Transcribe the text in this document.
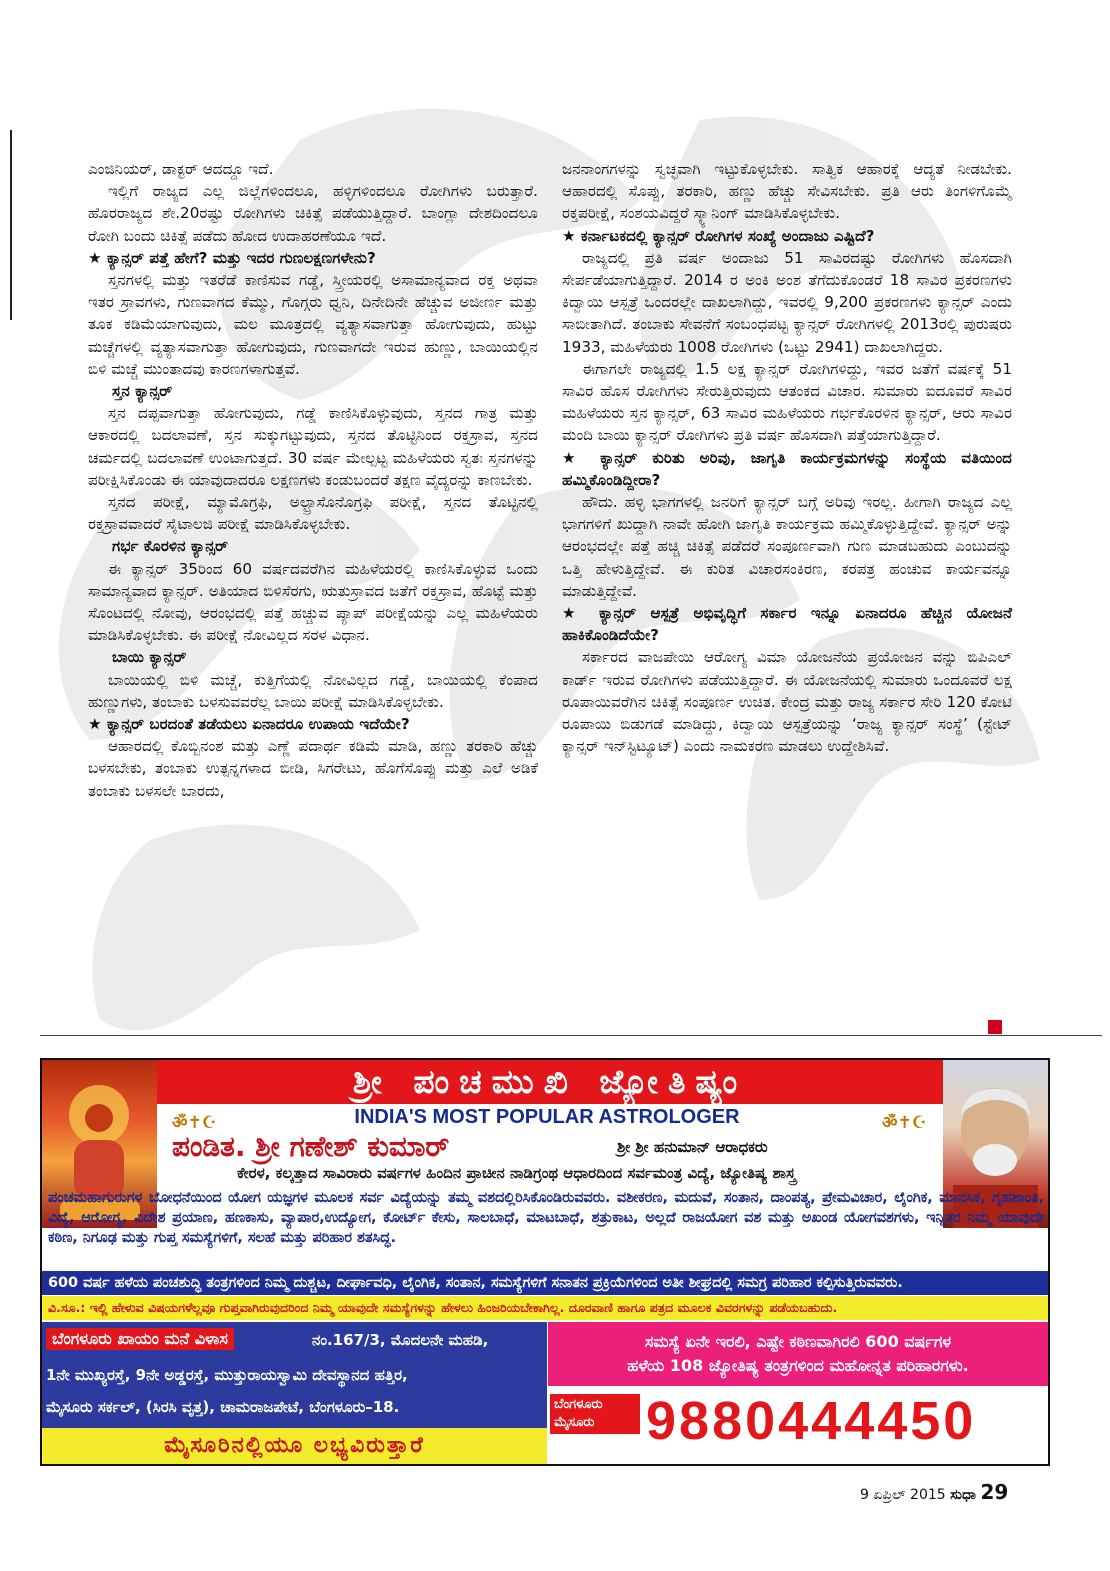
ಎಂಜಿನಿಯರ್, ಡಾಕ್ಟರ್ ಆದದ್ದೂ ಇದೆ.

ಇಲ್ಲಿಗೆ ರಾಜ್ಯದ ಎಲ್ಲ ಜಿಲ್ಲೆಗಳಿಂದಲೂ, ಹಳ್ಳಿಗಳಿಂದಲೂ ರೋಗಿಗಳು ಬರುತ್ತಾರೆ. ಹೊರರಾಜ್ಯದ ಶೇ.20ರಷ್ಟು ರೋಗಿಗಳು ಚಿಕಿತ್ಸೆ ಪಡೆಯುತ್ತಿದ್ದಾರೆ. ಬಾಂಗ್ಲಾ ದೇಶದಿಂದಲೂ ರೋಗಿ ಬಂದು ಚಿಕಿತ್ಸೆ ಪಡೆದು ಹೋದ ಉದಾಹರಣೆಯೂ ಇದೆ.

★ ಕ್ಯಾನ್ಸರ್ ಪತ್ತೆ ಹೇಗೆ? ಮತ್ತು ಇದರ ಗುಣಲಕ್ಷಣಗಳೇನು?

ಸ್ತನಗಳಲ್ಲಿ ಮತ್ತು ಇತರೆಡೆ ಕಾಣಿಸುವ ಗಡ್ಡೆ, ಸ್ತ್ರೀಯರಲ್ಲಿ ಅಸಾಮಾನ್ಯವಾದ ರಕ್ತ ಅಥವಾ ಇತರ ಸ್ರಾವಗಳು, ಗುಣವಾಗದ ಕೆಮ್ಮು, ಗೊಗ್ಗರು ಧ್ವನಿ, ದಿನೇದಿನೇ ಹೆಚ್ಚುವ ಅಜೀರ್ಣ ಮತ್ತು ತೂಕ ಕಡಿಮೆಯಾಗುವುದು, ಮಲ ಮೂತ್ರದಲ್ಲಿ ವ್ಯತ್ಯಾಸವಾಗುತ್ತಾ ಹೋಗುವುದು, ಹುಟ್ಟು ಮಚ್ಚೆಗಳಲ್ಲಿ ವ್ಯತ್ಯಾಸವಾಗುತ್ತಾ ಹೋಗುವುದು, ಗುಣವಾಗದೇ ಇರುವ ಹುಣ್ಣು, ಬಾಯಿಯಲ್ಲಿನ ಬಿಳಿ ಮಚ್ಚೆ ಮುಂತಾದವು ಕಾರಣಗಳಾಗುತ್ತವೆ.

ಸ್ತನ ಕ್ಯಾನ್ಸರ್

ಸ್ತನ ದಪ್ಪವಾಗುತ್ತಾ ಹೋಗುವುದು, ಗಡ್ಡೆ ಕಾಣಿಸಿಕೊಳ್ಳುವುದು, ಸ್ತನದ ಗಾತ್ರ ಮತ್ತು ಆಕಾರದಲ್ಲಿ ಬದಲಾವಣೆ, ಸ್ತನ ಸುಕ್ಕುಗಟ್ಟುವುದು, ಸ್ತನದ ತೊಟ್ಟಿನಿಂದ ರಕ್ತಸ್ರಾವ, ಸ್ತನದ ಚರ್ಮದಲ್ಲಿ ಬದಲಾವಣೆ ಉಂಟಾಗುತ್ತದೆ. 30 ವರ್ಷ ಮೇಲ್ಪಟ್ಟ ಮಹಿಳೆಯರು ಸ್ವತಃ ಸ್ತನಗಳನ್ನು ಪರೀಕ್ಷಿಸಿಕೊಂಡು ಈ ಯಾವುದಾದರೂ ಲಕ್ಷಣಗಳು ಕಂಡುಬಂದರೆ ತಕ್ಷಣ ವೈದ್ಯರನ್ನು ಕಾಣಬೇಕು.

ಸ್ತನದ ಪರೀಕ್ಷೆ, ಮ್ಯಾಮೊಗ್ರಫಿ, ಅಲ್ಟ್ರಾಸೊನೊಗ್ರಫಿ ಪರೀಕ್ಷೆ, ಸ್ತನದ ತೊಟ್ಟಿನಲ್ಲಿ ರಕ್ತಸ್ರಾವವಾದರೆ ಸೈಟಾಲಜಿ ಪರೀಕ್ಷೆ ಮಾಡಿಸಿಕೊಳ್ಳಬೇಕು.

ಗರ್ಭ ಕೊರಳಿನ ಕ್ಯಾನ್ಸರ್

ಈ ಕ್ಯಾನ್ಸರ್ 35ರಿಂದ 60 ವರ್ಷದವರೆಗಿನ ಮಹಿಳೆಯರಲ್ಲಿ ಕಾಣಿಸಿಕೊಳ್ಳುವ ಒಂದು ಸಾಮಾನ್ಯವಾದ ಕ್ಯಾನ್ಸರ್. ಅತಿಯಾದ ಬಿಳಿಸೆರಗು, ಋತುಸ್ರಾವದ ಜತೆಗೆ ರಕ್ತಸ್ರಾವ, ಹೊಟ್ಟೆ ಮತ್ತು ಸೊಂಟದಲ್ಲಿ ನೋವು, ಆರಂಭದಲ್ಲಿ ಪತ್ತೆ ಹಚ್ಚುವ ಪ್ಯಾಪ್ ಪರೀಕ್ಷೆಯನ್ನು ಎಲ್ಲ ಮಹಿಳೆಯರು ಮಾಡಿಸಿಕೊಳ್ಳಬೇಕು. ಈ ಪರೀಕ್ಷೆ ನೋವಿಲ್ಲದ ಸರಳ ವಿಧಾನ.

ಬಾಯಿ ಕ್ಯಾನ್ಸರ್

ಬಾಯಿಯಲ್ಲಿ ಬಿಳಿ ಮಚ್ಚೆ, ಕುತ್ತಿಗೆಯಲ್ಲಿ ನೋವಿಲ್ಲದ ಗಡ್ಡೆ, ಬಾಯಿಯಲ್ಲಿ ಕೆಂಪಾದ ಹುಣ್ಣುಗಳು, ತಂಬಾಕು ಬಳಸುವವರೆಲ್ಲ ಬಾಯಿ ಪರೀಕ್ಷೆ ಮಾಡಿಸಿಕೊಳ್ಳಬೇಕು.

★ ಕ್ಯಾನ್ಸರ್ ಬರದಂತೆ ತಡೆಯಲು ಏನಾದರೂ ಉಪಾಯ ಇದೆಯೇ?

ಆಹಾರದಲ್ಲಿ ಕೊಬ್ಬಿನಂಶ ಮತ್ತು ಎಣ್ಣೆ ಪದಾರ್ಥ ಕಡಿಮೆ ಮಾಡಿ, ಹಣ್ಣು ತರಕಾರಿ ಹೆಚ್ಚು ಬಳಸಬೇಕು, ತಂಬಾಕು ಉತ್ಪನ್ನಗಳಾದ ಬೀಡಿ, ಸಿಗರೇಟು, ಹೊಗೆಸೊಪ್ಪು ಮತ್ತು ಎಲೆ ಅಡಿಕೆ ತಂಬಾಕು ಬಳಸಲೇ ಬಾರದು,

ಜನನಾಂಗಗಳನ್ನು ಸ್ವಚ್ಛವಾಗಿ ಇಟ್ಟುಕೊಳ್ಳಬೇಕು. ಸಾತ್ವಿಕ ಆಹಾರಕ್ಕೆ ಆದ್ಯತೆ ನೀಡಬೇಕು. ಆಹಾರದಲ್ಲಿ ಸೊಪ್ಪು, ತರಕಾರಿ, ಹಣ್ಣು ಹೆಚ್ಚು ಸೇವಿಸಬೇಕು. ಪ್ರತಿ ಆರು ತಿಂಗಳಿಗೊಮ್ಮೆ ರಕ್ತಪರೀಕ್ಷೆ, ಸಂಶಯವಿದ್ದರೆ ಸ್ಕ್ಯಾನಿಂಗ್ ಮಾಡಿಸಿಕೊಳ್ಳಬೇಕು.

★ ಕರ್ನಾಟಕದಲ್ಲಿ ಕ್ಯಾನ್ಸರ್ ರೋಗಿಗಳ ಸಂಖ್ಯೆ ಅಂದಾಜು ಎಷ್ಟಿದೆ?

ರಾಜ್ಯದಲ್ಲಿ ಪ್ರತಿ ವರ್ಷ ಅಂದಾಜು 51 ಸಾವಿರದಷ್ಟು ರೋಗಿಗಳು ಹೊಸದಾಗಿ ಸೇರ್ಪಡೆಯಾಗುತ್ತಿದ್ದಾರೆ. 2014 ರ ಅಂಕಿ ಅಂಶ ತೆಗೆದುಕೊಂಡರೆ 18 ಸಾವಿರ ಪ್ರಕರಣಗಳು ಕಿದ್ವಾಯಿ ಆಸ್ಪತ್ರೆ ಒಂದರಲ್ಲೇ ದಾಖಲಾಗಿದ್ದು, ಇವರಲ್ಲಿ 9,200 ಪ್ರಕರಣಗಳು ಕ್ಯಾನ್ಸರ್ ಎಂದು ಸಾಬೀತಾಗಿದೆ. ತಂಬಾಕು ಸೇವನೆಗೆ ಸಂಬಂಧಪಟ್ಟ ಕ್ಯಾನ್ಸರ್ ರೋಗಿಗಳಲ್ಲಿ 2013ರಲ್ಲಿ ಪುರುಷರು 1933, ಮಹಿಳೆಯರು 1008 ರೋಗಿಗಳು (ಒಟ್ಟು 2941) ದಾಖಲಾಗಿದ್ದರು.

ಈಗಾಗಲೇ ರಾಜ್ಯದಲ್ಲಿ 1.5 ಲಕ್ಷ ಕ್ಯಾನ್ಸರ್ ರೋಗಿಗಳಿದ್ದು, ಇವರ ಜತೆಗೆ ವರ್ಷಕ್ಕೆ 51 ಸಾವಿರ ಹೊಸ ರೋಗಿಗಳು ಸೇರುತ್ತಿರುವುದು ಆತಂಕದ ವಿಚಾರ. ಸುಮಾರು ಐದೂವರೆ ಸಾವಿರ ಮಹಿಳೆಯರು ಸ್ತನ ಕ್ಯಾನ್ಸರ್, 63 ಸಾವಿರ ಮಹಿಳೆಯರು ಗರ್ಭಕೊರಳಿನ ಕ್ಯಾನ್ಸರ್, ಆರು ಸಾವಿರ ಮಂದಿ ಬಾಯಿ ಕ್ಯಾನ್ಸರ್ ರೋಗಿಗಳು ಪ್ರತಿ ವರ್ಷ ಹೊಸದಾಗಿ ಪತ್ತೆಯಾಗುತ್ತಿದ್ದಾರೆ.

★ ಕ್ಯಾನ್ಸರ್ ಕುರಿತು ಅರಿವು, ಜಾಗೃತಿ ಕಾರ್ಯಕ್ರಮಗಳನ್ನು ಸಂಸ್ಥೆಯ ವತಿಯಿಂದ ಹಮ್ಮಿಕೊಂಡಿದ್ದೀರಾ?

ಹೌದು. ಹಳ್ಳಿ ಭಾಗಗಳಲ್ಲಿ ಜನರಿಗೆ ಕ್ಯಾನ್ಸರ್ ಬಗ್ಗೆ ಅರಿವು ಇರಲ್ಲ. ಹೀಗಾಗಿ ರಾಜ್ಯದ ಎಲ್ಲ ಭಾಗಗಳಿಗೆ ಖುದ್ದಾಗಿ ನಾವೇ ಹೋಗಿ ಜಾಗೃತಿ ಕಾರ್ಯಕ್ರಮ ಹಮ್ಮಿಕೊಳ್ಳುತ್ತಿದ್ದೇವೆ. ಕ್ಯಾನ್ಸರ್ ಅನ್ನು ಆರಂಭದಲ್ಲೇ ಪತ್ತೆ ಹಚ್ಚಿ ಚಿಕಿತ್ಸೆ ಪಡೆದರೆ ಸಂಪೂರ್ಣವಾಗಿ ಗುಣ ಮಾಡಬಹುದು ಎಂಬುದನ್ನು ಒತ್ತಿ ಹೇಳುತ್ತಿದ್ದೇವೆ. ಈ ಕುರಿತ ವಿಚಾರಸಂಕಿರಣ, ಕರಪತ್ರ ಹಂಚುವ ಕಾರ್ಯವನ್ನೂ ಮಾಡುತ್ತಿದ್ದೇವೆ.

★ ಕ್ಯಾನ್ಸರ್ ಆಸ್ಪತ್ರೆ ಅಭಿವೃದ್ಧಿಗೆ ಸರ್ಕಾರ ಇನ್ನೂ ಏನಾದರೂ ಹೆಚ್ಚಿನ ಯೋಜನೆ ಹಾಕಿಕೊಂಡಿದೆಯೇ?

ಸರ್ಕಾರದ ವಾಜಪೇಯಿ ಆರೋಗ್ಯ ವಿಮಾ ಯೋಜನೆಯ ಪ್ರಯೋಜನ ವನ್ನು ಬಿಪಿಎಲ್ ಕಾರ್ಡ್ ಇರುವ ರೋಗಿಗಳು ಪಡೆಯುತ್ತಿದ್ದಾರೆ. ಈ ಯೋಜನೆಯಲ್ಲಿ ಸುಮಾರು ಒಂದೂವರೆ ಲಕ್ಷ ರೂಪಾಯಿವರೆಗಿನ ಚಿಕಿತ್ಸೆ ಸಂಪೂರ್ಣ ಉಚಿತ. ಕೇಂದ್ರ ಮತ್ತು ರಾಜ್ಯ ಸರ್ಕಾರ ಸೇರಿ 120 ಕೋಟಿ ರೂಪಾಯಿ ಬಿಡುಗಡೆ ಮಾಡಿದ್ದು, ಕಿದ್ವಾಯಿ ಆಸ್ಪತ್ರೆಯನ್ನು ‘ರಾಜ್ಯ ಕ್ಯಾನ್ಸರ್ ಸಂಸ್ಥೆ’ (ಸ್ಟೇಟ್ ಕ್ಯಾನ್ಸರ್ ಇನ್‌ಸ್ಟಿಟ್ಯೂಟ್) ಎಂದು ನಾಮಕರಣ ಮಾಡಲು ಉದ್ದೇಶಿಸಿವೆ.

ಶ್ರೀ ಪಂಚಮುಖಿ ಜ್ಯೋತಿಷ್ಯಂ
ॐ✝☪	ॐ✝☪
INDIA'S MOST POPULAR ASTROLOGER
ಪಂಡಿತ. ಶ್ರೀ ಗಣೇಶ್ ಕುಮಾರ್	ಶ್ರೀ ಶ್ರೀ ಹನುಮಾನ್ ಆರಾಧಕರು
ಕೇರಳ, ಕಲ್ಕತ್ತಾದ ಸಾವಿರಾರು ವರ್ಷಗಳ ಹಿಂದಿನ ಪ್ರಾಚೀನ ನಾಡಿಗ್ರಂಥ ಆಧಾರದಿಂದ ಸರ್ವಮಂತ್ರ ವಿದ್ಯೆ, ಜ್ಯೋತಿಷ್ಯ ಶಾಸ್ತ್ರ
ಪಂಚಮಹಾಗುರುಗಳ ಬೋಧನೆಯಿಂದ ಯೋಗ ಯಜ್ಞಗಳ ಮೂಲಕ ಸರ್ವ ವಿದ್ಯೆಯನ್ನು ತಮ್ಮ ವಶದಲ್ಲಿರಿಸಿಕೊಂಡಿರುವವರು. ವಶೀಕರಣ, ಮದುವೆ, ಸಂತಾನ, ದಾಂಪತ್ಯ, ಪ್ರೇಮವಿಚಾರ, ಲೈಂಗಿಕ, ಮಾನಸಿಕ, ಗೃಹಶಾಂತಿ, ವಿದ್ಯೆ, ಆರೋಗ್ಯ, ವಿದೇಶ ಪ್ರಯಾಣ, ಹಣಕಾಸು, ವ್ಯಾಪಾರ,ಉದ್ಯೋಗ, ಕೋರ್ಟ್ ಕೇಸು, ಸಾಲಬಾಧೆ, ಮಾಟಬಾಧೆ, ಶತ್ರುಕಾಟ, ಅಲ್ಲದೆ ರಾಜಯೋಗ ವಶ ಮತ್ತು ಅಖಂಡ ಯೋಗವಶಗಳು, ಇನ್ನಿತರ ನಿಮ್ಮ ಯಾವುದೇ ಕಠಿಣ, ನಿಗೂಢ ಮತ್ತು ಗುಪ್ತ ಸಮಸ್ಯೆಗಳಿಗೆ, ಸಲಹೆ ಮತ್ತು ಪರಿಹಾರ ಶತಸಿದ್ಧ.
600 ವರ್ಷ ಹಳೆಯ ಪಂಚಶುದ್ಧಿ ತಂತ್ರಗಳಿಂದ ನಿಮ್ಮ ದುಶ್ಚಟ, ದೀರ್ಘಾವಧಿ, ಲೈಂಗಿಕ, ಸಂತಾನ, ಸಮಸ್ಯೆಗಳಿಗೆ ಸನಾತನ ಪ್ರಕ್ರಿಯೆಗಳಿಂದ ಅತೀ ಶೀಘ್ರದಲ್ಲಿ ಸಮಗ್ರ ಪರಿಹಾರ ಕಲ್ಪಿಸುತ್ತಿರುವವರು.
ವಿ.ಸೂ.: ಇಲ್ಲಿ ಹೇಳುವ ವಿಷಯಗಳೆಲ್ಲವೂ ಗುಪ್ತವಾಗಿರುವುದರಿಂದ ನಿಮ್ಮ ಯಾವುದೇ ಸಮಸ್ಯೆಗಳನ್ನು ಹೇಳಲು ಹಿಂಜರಿಯಬೇಕಾಗಿಲ್ಲ. ದೂರವಾಣಿ ಹಾಗೂ ಪತ್ರದ ಮೂಲಕ ವಿವರಗಳನ್ನು ಪಡೆಯಬಹುದು.
ಬೆಂಗಳೂರು ಖಾಯಂ ಮನೆ ವಿಳಾಸ	ನಂ.167/3, ಮೊದಲನೇ ಮಹಡಿ,
1ನೇ ಮುಖ್ಯರಸ್ತೆ, 9ನೇ ಅಡ್ಡರಸ್ತೆ, ಮುತ್ತುರಾಯಸ್ವಾಮಿ ದೇವಸ್ಥಾನದ ಹತ್ತಿರ,
ಮೈಸೂರು ಸರ್ಕಲ್, (ಸಿರಸಿ ವೃತ್ತ), ಚಾಮರಾಜಪೇಟೆ, ಬೆಂಗಳೂರು–18.
ಸಮಸ್ಯೆ ಏನೇ ಇರಲಿ, ಎಷ್ಟೇ ಕಠಿಣವಾಗಿರಲಿ 600 ವರ್ಷಗಳ
ಹಳೆಯ 108 ಜ್ಯೋತಿಷ್ಯ ತಂತ್ರಗಳಿಂದ ಮಹೋನ್ನತ ಪರಿಹಾರಗಳು.
ಬೆಂಗಳೂರು
ಮೈಸೂರು 9880444450
ಮೈಸೂರಿನಲ್ಲಿಯೂ ಲಭ್ಯವಿರುತ್ತಾರೆ
9 ಏಪ್ರಿಲ್ 2015 ಸುಧಾ 29
